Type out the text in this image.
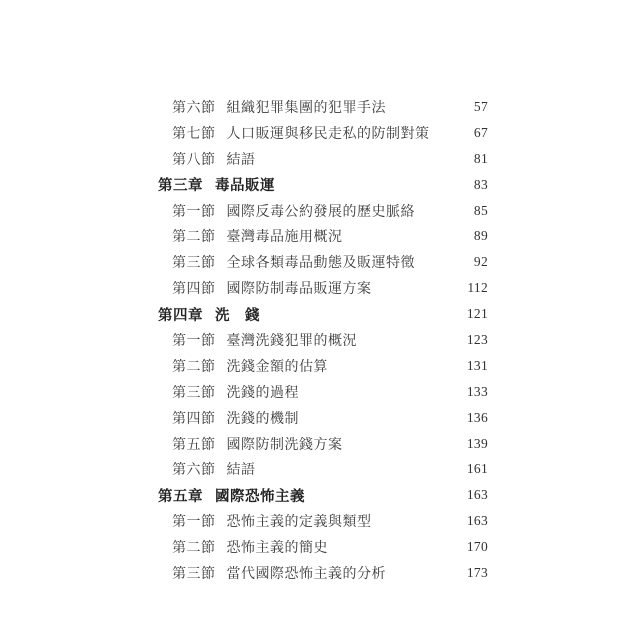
第六節 組織犯罪集團的犯罪手法	57
第七節 人口販運與移民走私的防制對策	67
第八節 結語	81
第三章 毒品販運	83
第一節 國際反毒公約發展的歷史脈絡	85
第二節 臺灣毒品施用概況	89
第三節 全球各類毒品動態及販運特徵	92
第四節 國際防制毒品販運方案	112
第四章 洗　錢	121
第一節 臺灣洗錢犯罪的概況	123
第二節 洗錢金額的估算	131
第三節 洗錢的過程	133
第四節 洗錢的機制	136
第五節 國際防制洗錢方案	139
第六節 結語	161
第五章 國際恐怖主義	163
第一節 恐怖主義的定義與類型	163
第二節 恐怖主義的簡史	170
第三節 當代國際恐怖主義的分析	173
